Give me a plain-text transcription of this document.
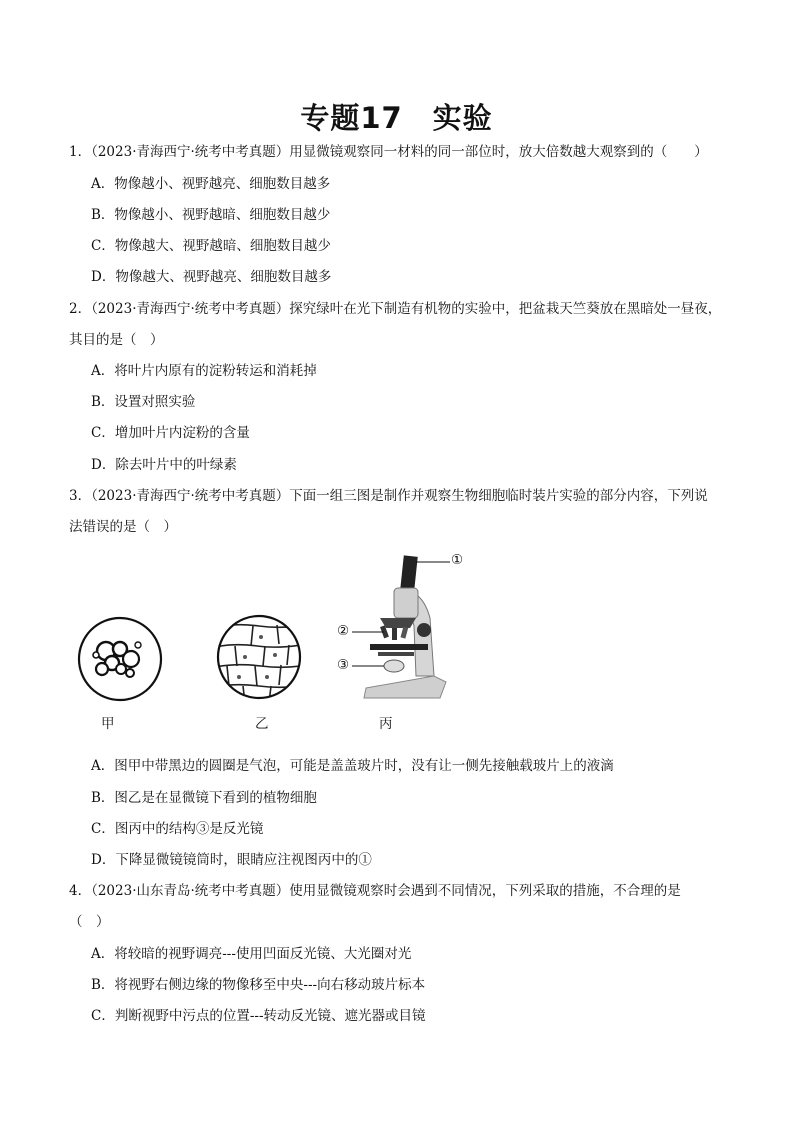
专题17　实验
1．（2023·青海西宁·统考中考真题）用显微镜观察同一材料的同一部位时，放大倍数越大观察到的（　　）
A．物像越小、视野越亮、细胞数目越多
B．物像越小、视野越暗、细胞数目越少
C．物像越大、视野越暗、细胞数目越少
D．物像越大、视野越亮、细胞数目越多
2．（2023·青海西宁·统考中考真题）探究绿叶在光下制造有机物的实验中，把盆栽天竺葵放在黑暗处一昼夜，
其目的是（　）
A．将叶片内原有的淀粉转运和消耗掉
B．设置对照实验
C．增加叶片内淀粉的含量
D．除去叶片中的叶绿素
3．（2023·青海西宁·统考中考真题）下面一组三图是制作并观察生物细胞临时装片实验的部分内容，下列说
法错误的是（　）
①
②
③
甲	乙	丙
A．图甲中带黑边的圆圈是气泡，可能是盖盖玻片时，没有让一侧先接触载玻片上的液滴
B．图乙是在显微镜下看到的植物细胞
C．图丙中的结构③是反光镜
D．下降显微镜镜筒时，眼睛应注视图丙中的①
4．（2023·山东青岛·统考中考真题）使用显微镜观察时会遇到不同情况，下列采取的措施，不合理的是
（　）
A．将较暗的视野调亮---使用凹面反光镜、大光圈对光
B．将视野右侧边缘的物像移至中央---向右移动玻片标本
C．判断视野中污点的位置---转动反光镜、遮光器或目镜
